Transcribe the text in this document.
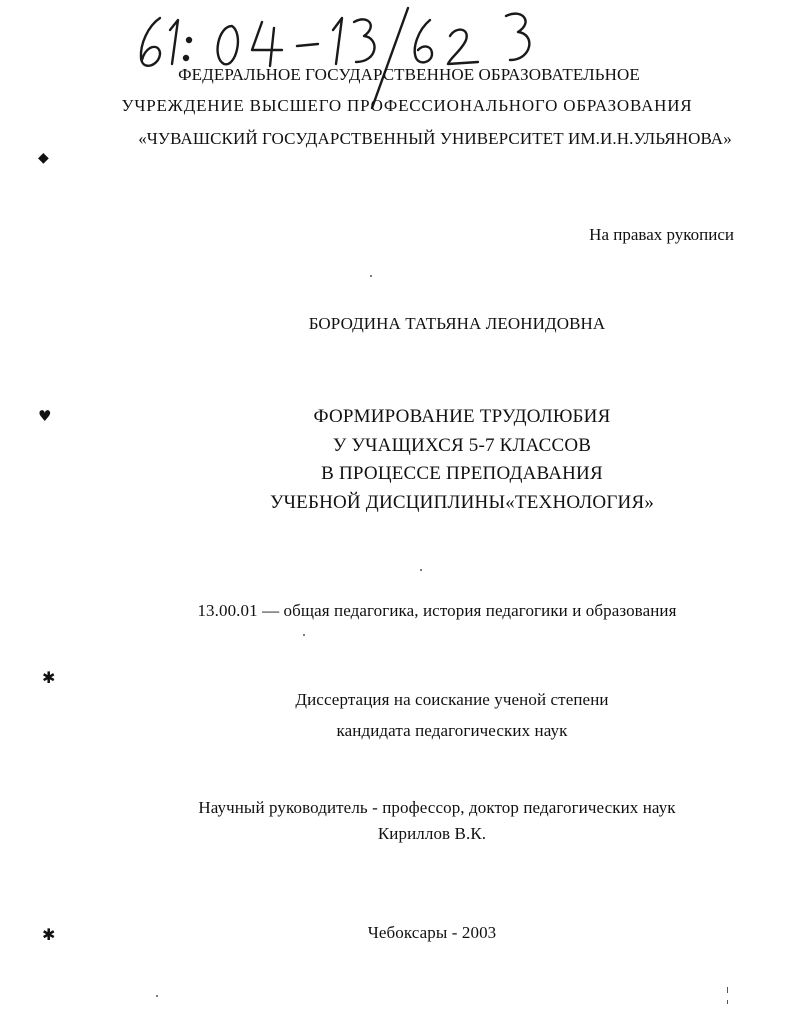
ФЕДЕРАЛЬНОЕ ГОСУДАРСТВЕННОЕ ОБРАЗОВАТЕЛЬНОЕ
УЧРЕЖДЕНИЕ ВЫСШЕГО ПРОФЕССИОНАЛЬНОГО ОБРАЗОВАНИЯ
«ЧУВАШСКИЙ ГОСУДАРСТВЕННЫЙ УНИВЕРСИТЕТ ИМ.И.Н.УЛЬЯНОВА»
На правах рукописи
БОРОДИНА ТАТЬЯНА ЛЕОНИДОВНА
ФОРМИРОВАНИЕ ТРУДОЛЮБИЯ
У УЧАЩИХСЯ 5-7 КЛАССОВ
В ПРОЦЕССЕ ПРЕПОДАВАНИЯ
УЧЕБНОЙ ДИСЦИПЛИНЫ«ТЕХНОЛОГИЯ»
13.00.01 — общая педагогика, история педагогики и образования
Диссертация на соискание ученой степени
кандидата педагогических наук
Научный руководитель - профессор, доктор педагогических наук
Кириллов В.К.
Чебоксары - 2003
◆
♥
✱
✱
